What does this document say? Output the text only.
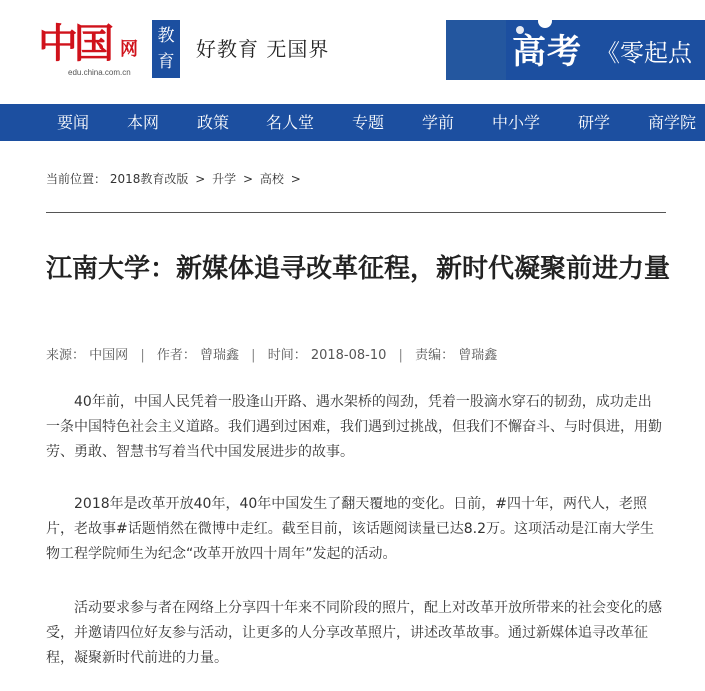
中国 网
edu.china.com.cn
教
育
好教育 无国界	高考 《零起点
要闻 本网 政策 名人堂 专题 学前 中小学 研学 商学院
当前位置： 2018教育改版 > 升学 > 高校 >
江南大学：新媒体追寻改革征程，新时代凝聚前进力量
来源： 中国网 | 作者： 曾瑞鑫 | 时间： 2018-08-10 | 责编： 曾瑞鑫

40年前，中国人民凭着一股逢山开路、遇水架桥的闯劲，凭着一股滴水穿石的韧劲，成功走出一条中国特色社会主义道路。我们遇到过困难，我们遇到过挑战，但我们不懈奋斗、与时俱进，用勤劳、勇敢、智慧书写着当代中国发展进步的故事。

2018年是改革开放40年，40年中国发生了翻天覆地的变化。日前，#四十年，两代人，老照片，老故事#话题悄然在微博中走红。截至目前，该话题阅读量已达8.2万。这项活动是江南大学生物工程学院师生为纪念“改革开放四十周年”发起的活动。

活动要求参与者在网络上分享四十年来不同阶段的照片，配上对改革开放所带来的社会变化的感受，并邀请四位好友参与活动，让更多的人分享改革照片，讲述改革故事。通过新媒体追寻改革征程，凝聚新时代前进的力量。
